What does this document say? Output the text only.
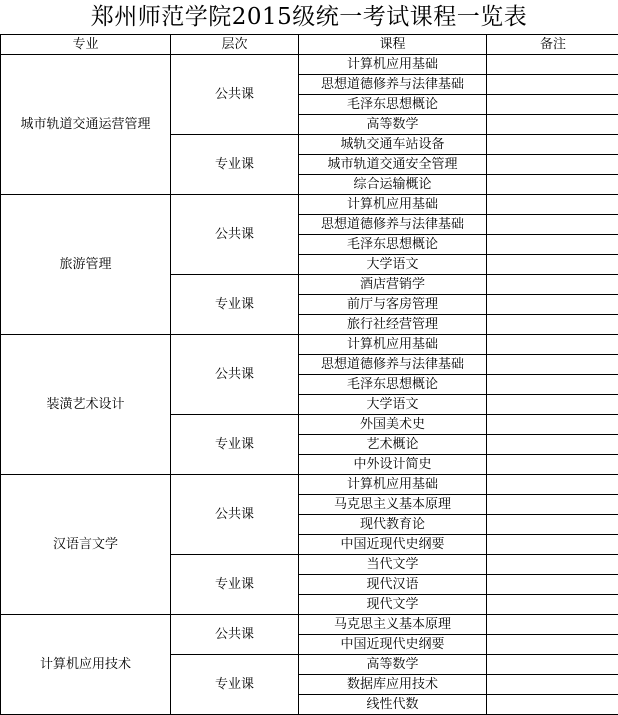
郑州师范学院2015级统一考试课程一览表
专业	层次	课程	备注
城市轨道交通运营管理	公共课	计算机应用基础	
		思想道德修养与法律基础	
		毛泽东思想概论	
		高等数学	
	专业课	城轨交通车站设备	
		城市轨道交通安全管理	
		综合运输概论	
旅游管理	公共课	计算机应用基础	
		思想道德修养与法律基础	
		毛泽东思想概论	
		大学语文	
	专业课	酒店营销学	
		前厅与客房管理	
		旅行社经营管理	
装潢艺术设计	公共课	计算机应用基础	
		思想道德修养与法律基础	
		毛泽东思想概论	
		大学语文	
	专业课	外国美术史	
		艺术概论	
		中外设计简史	
汉语言文学	公共课	计算机应用基础	
		马克思主义基本原理	
		现代教育论	
		中国近现代史纲要	
	专业课	当代文学	
		现代汉语	
		现代文学	
计算机应用技术	公共课	马克思主义基本原理	
		中国近现代史纲要	
	专业课	高等数学	
		数据库应用技术	
		线性代数	
